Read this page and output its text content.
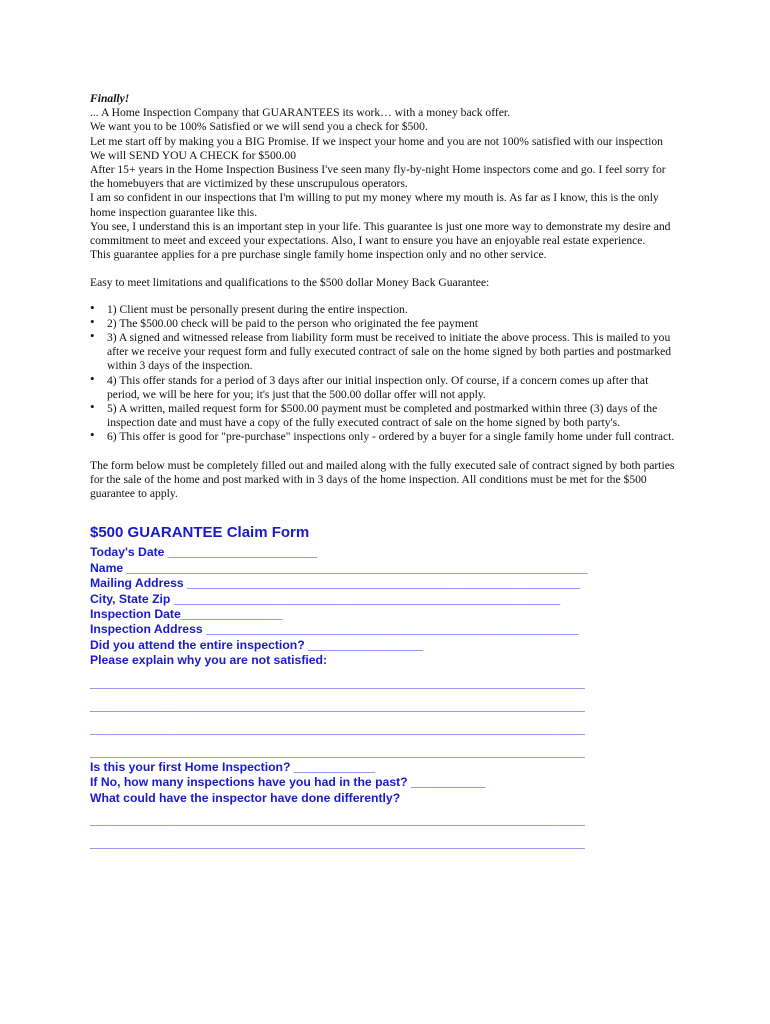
Finally!

... A Home Inspection Company that GUARANTEES its work… with a money back offer.

We want you to be 100% Satisfied or we will send you a check for $500.

Let me start off by making you a BIG Promise. If we inspect your home and you are not 100% satisfied with our inspection

We will SEND YOU A CHECK for $500.00

After 15+ years in the Home Inspection Business I've seen many fly-by-night Home inspectors come and go. I feel sorry for the homebuyers that are victimized by these unscrupulous operators.

I am so confident in our inspections that I'm willing to put my money where my mouth is. As far as I know, this is the only home inspection guarantee like this.

You see, I understand this is an important step in your life. This guarantee is just one more way to demonstrate my desire and commitment to meet and exceed your expectations. Also, I want to ensure you have an enjoyable real estate experience.

This guarantee applies for a pre purchase single family home inspection only and no other service.

Easy to meet limitations and qualifications to the $500 dollar Money Back Guarantee:

• 1) Client must be personally present during the entire inspection.
• 2) The $500.00 check will be paid to the person who originated the fee payment
• 3) A signed and witnessed release from liability form must be received to initiate the above process. This is mailed to you after we receive your request form and fully executed contract of sale on the home signed by both parties and postmarked within 3 days of the inspection.
• 4) This offer stands for a period of 3 days after our initial inspection only. Of course, if a concern comes up after that period, we will be here for you; it's just that the 500.00 dollar offer will not apply.
• 5) A written, mailed request form for $500.00 payment must be completed and postmarked within three (3) days of the inspection date and must have a copy of the fully executed contract of sale on the home signed by both party's.
• 6) This offer is good for "pre-purchase" inspections only - ordered by a buyer for a single family home under full contract.

The form below must be completely filled out and mailed along with the fully executed sale of contract signed by both parties for the sale of the home and post marked with in 3 days of the home inspection. All conditions must be met for the $500 guarantee to apply.

$500 GUARANTEE Claim Form
Today's Date ______________________
Name ____________________________________________________________________
Mailing Address __________________________________________________________
City, State Zip _________________________________________________________
Inspection Date_______________
Inspection Address _______________________________________________________
Did you attend the entire inspection? _________________
Please explain why you are not satisfied:
_________________________________________________________________________
_________________________________________________________________________
_________________________________________________________________________
_________________________________________________________________________
Is this your first Home Inspection? ____________
If No, how many inspections have you had in the past? ___________
What could have the inspector have done differently?
_________________________________________________________________________
_________________________________________________________________________
